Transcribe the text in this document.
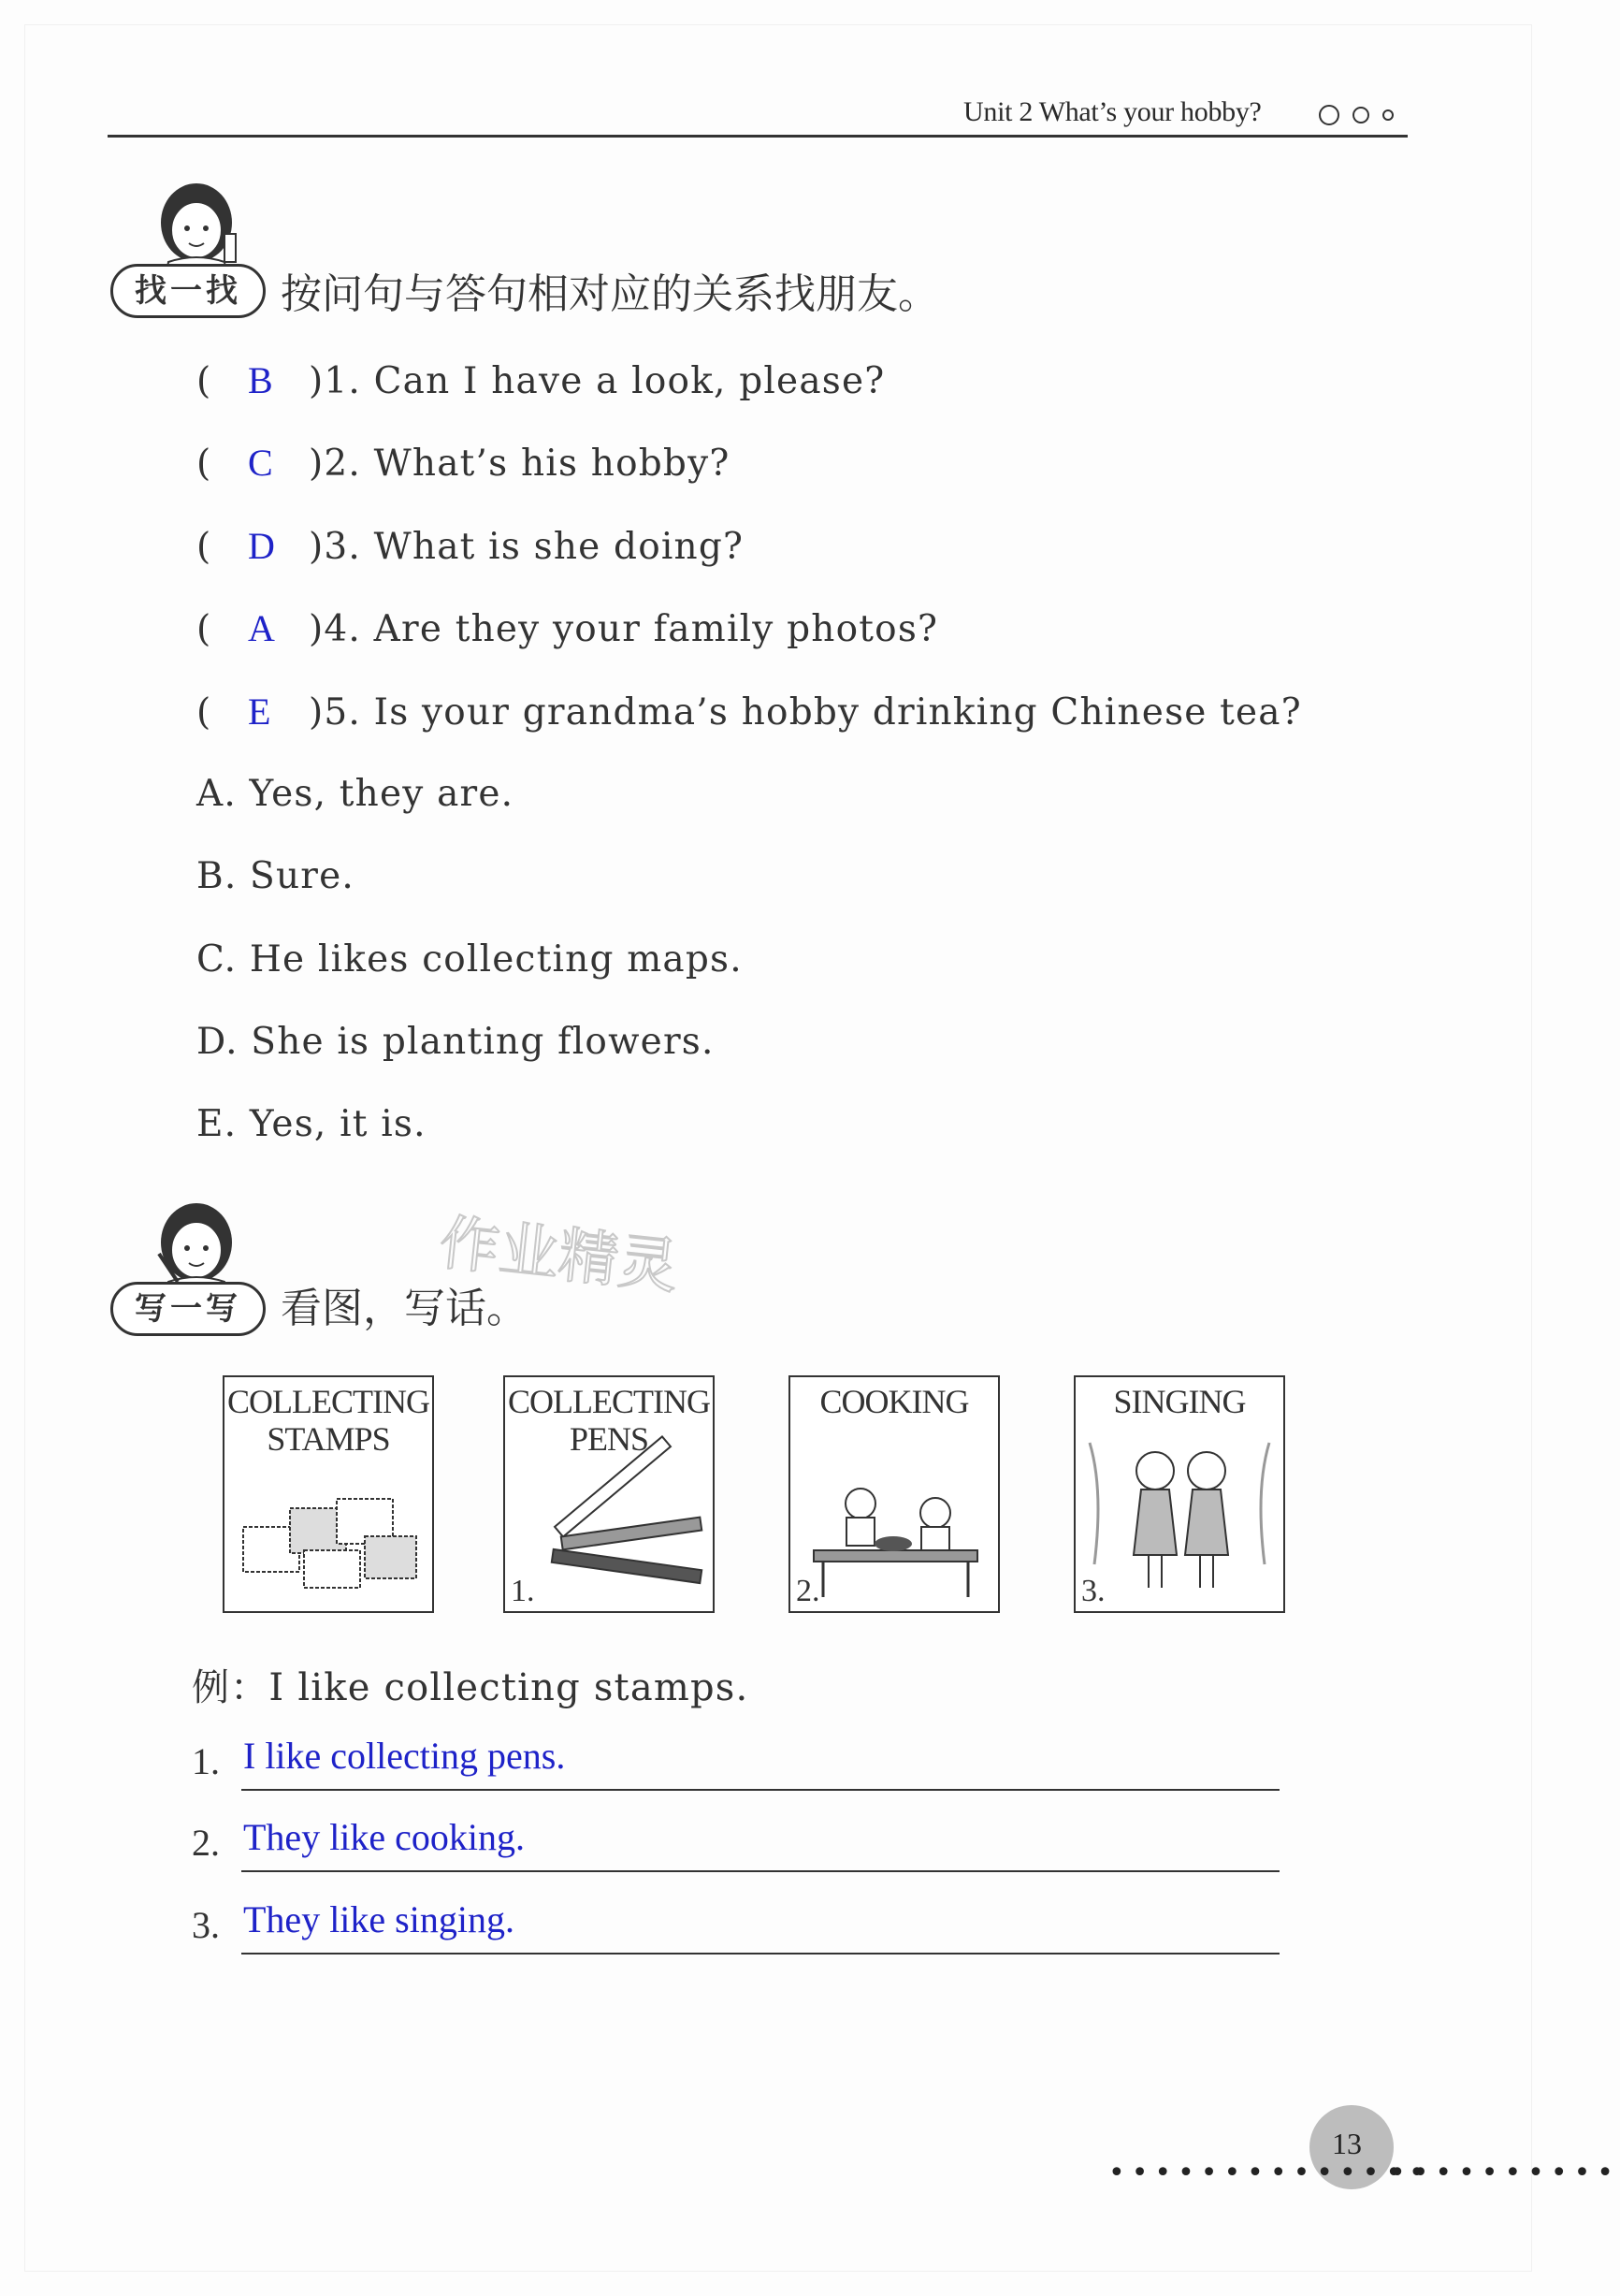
Unit 2 What’s your hobby?
找一找 按问句与答句相对应的关系找朋友。
( B )1. Can I have a look, please?
( C )2. What’s his hobby?
( D )3. What is she doing?
( A )4. Are they your family photos?
( E )5. Is your grandma’s hobby drinking Chinese tea?
A. Yes, they are.
B. Sure.
C. He likes collecting maps.
D. She is planting flowers.
E. Yes, it is.
作业精灵
写一写 看图，写话。
COLLECTING
STAMPS
COLLECTING
PENS
1.
COOKING
2.
SINGING
3.
例：I like collecting stamps.
1. I like collecting pens.
2. They like cooking.
3. They like singing.
13
••••••••••••••
••••••••••
